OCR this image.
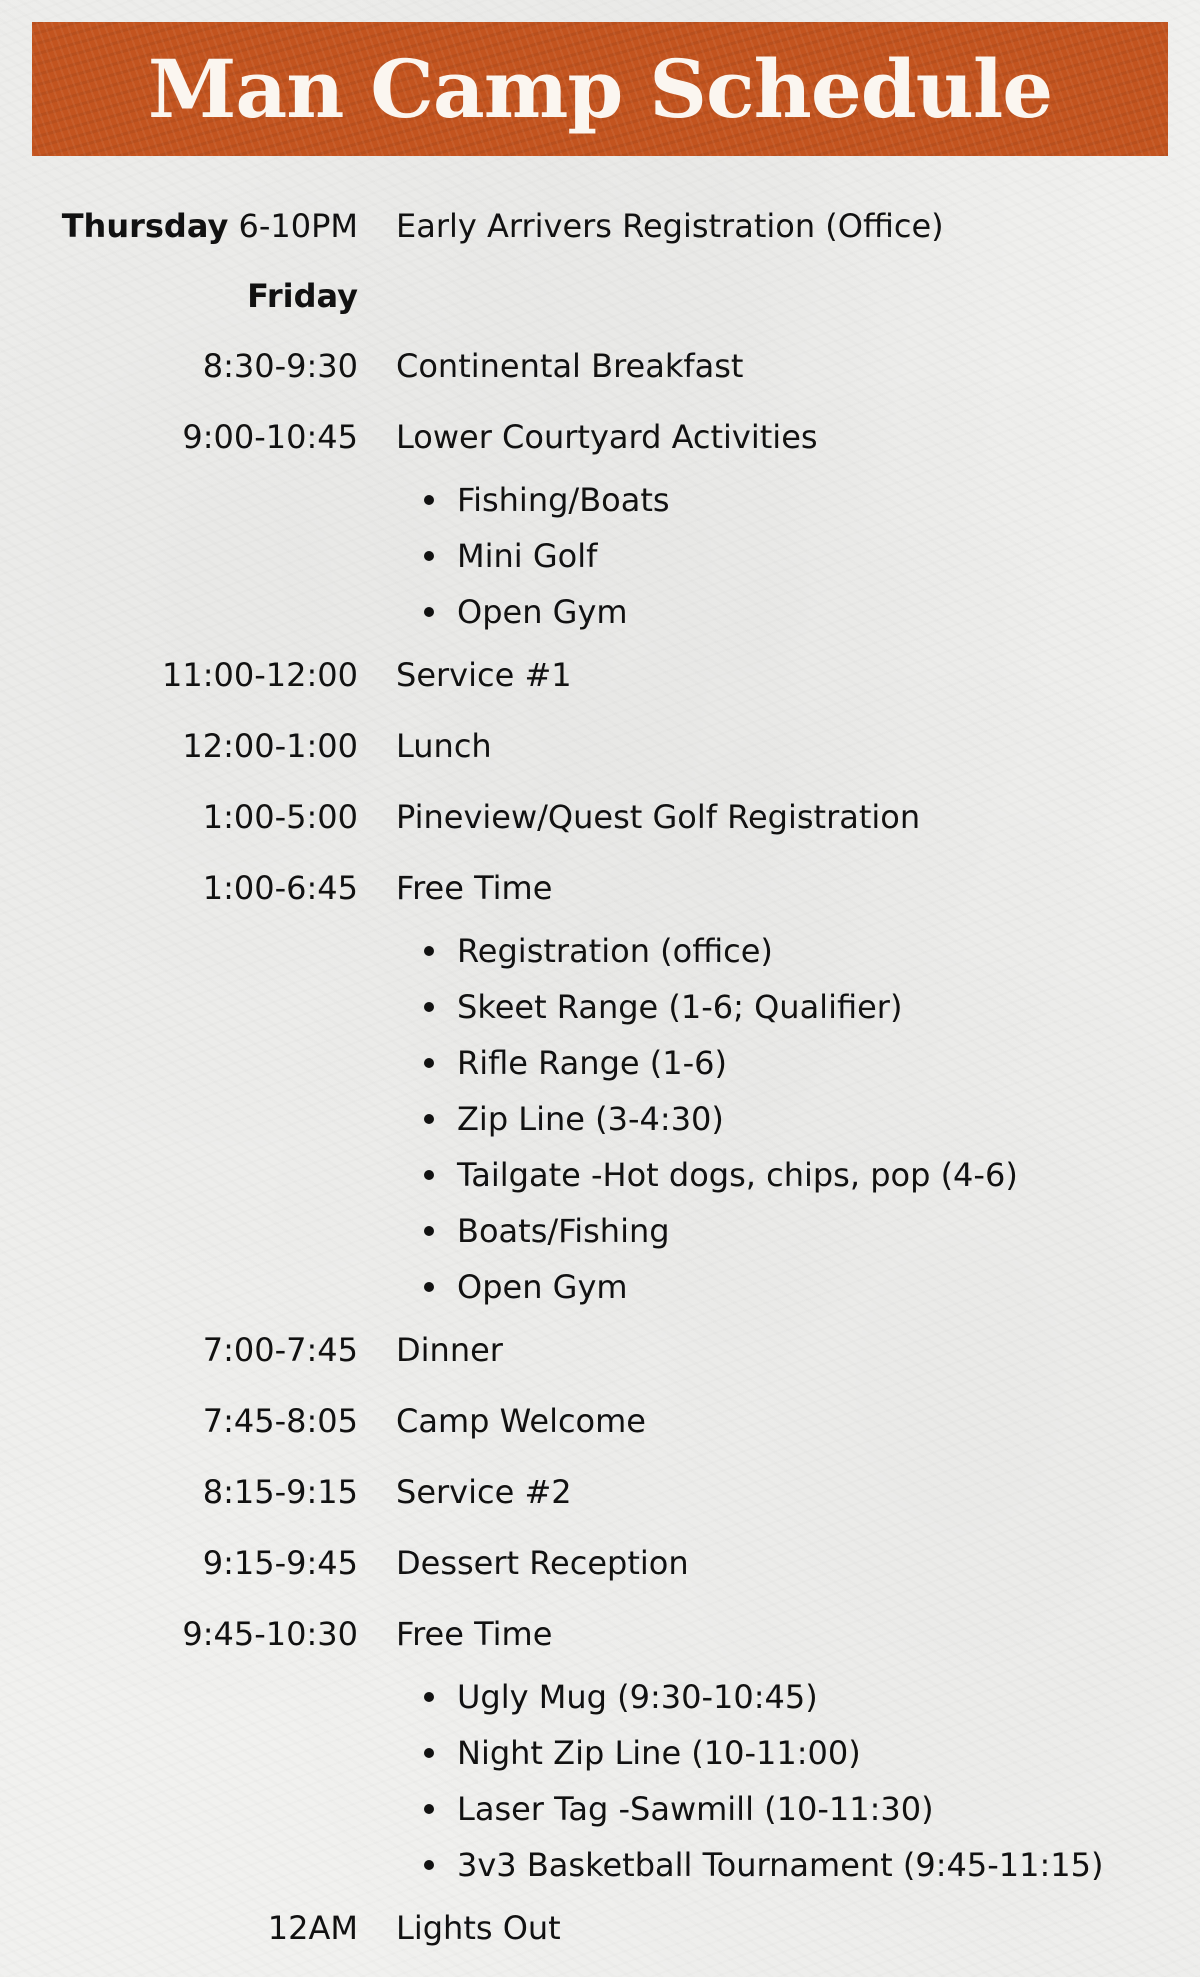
Man Camp Schedule
Thursday 6-10PM Early Arrivers Registration (Office)
Friday
8:30-9:30 Continental Breakfast
9:00-10:45 Lower Courtyard Activities
Fishing/Boats
Mini Golf
Open Gym
11:00-12:00 Service #1
12:00-1:00 Lunch
1:00-5:00 Pineview/Quest Golf Registration
1:00-6:45 Free Time
Registration (office)
Skeet Range (1-6; Qualifier)
Rifle Range (1-6)
Zip Line (3-4:30)
Tailgate -Hot dogs, chips, pop (4-6)
Boats/Fishing
Open Gym
7:00-7:45 Dinner
7:45-8:05 Camp Welcome
8:15-9:15 Service #2
9:15-9:45 Dessert Reception
9:45-10:30 Free Time
Ugly Mug (9:30-10:45)
Night Zip Line (10-11:00)
Laser Tag -Sawmill (10-11:30)
3v3 Basketball Tournament (9:45-11:15)
12AM Lights Out
